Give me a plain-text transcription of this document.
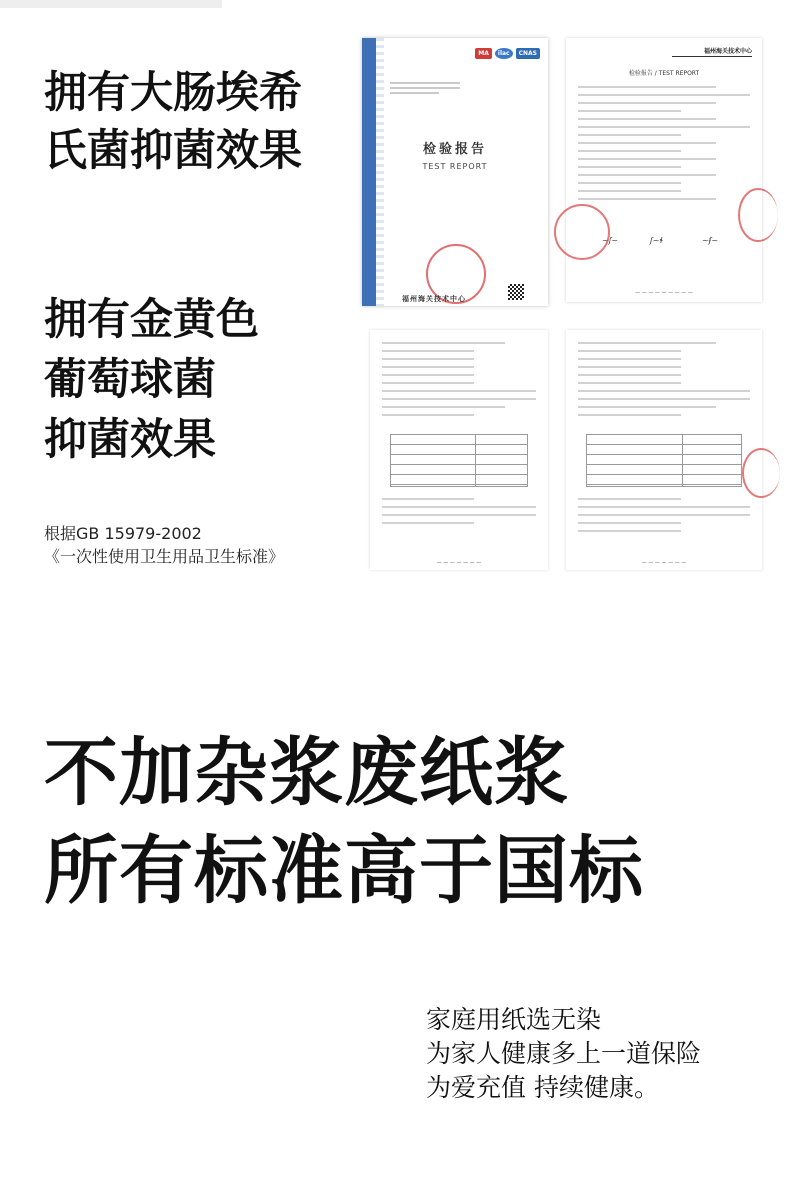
拥有大肠埃希
氏菌抑菌效果
拥有金黄色
葡萄球菌
抑菌效果
根据GB 15979-2002
《一次性使用卫生用品卫生标准》
MA	ilac	CNAS
检验报告
TEST REPORT
福州海关技术中心
福州海关技术中心
检验报告 / TEST REPORT
~ʃ~	ʃ~ɬ	~ʄ~
— — — — — — — — —
— — — — — — —	— — — — — — —
不加杂浆废纸浆
所有标准高于国标
家庭用纸选无染
为家人健康多上一道保险
为爱充值 持续健康。
